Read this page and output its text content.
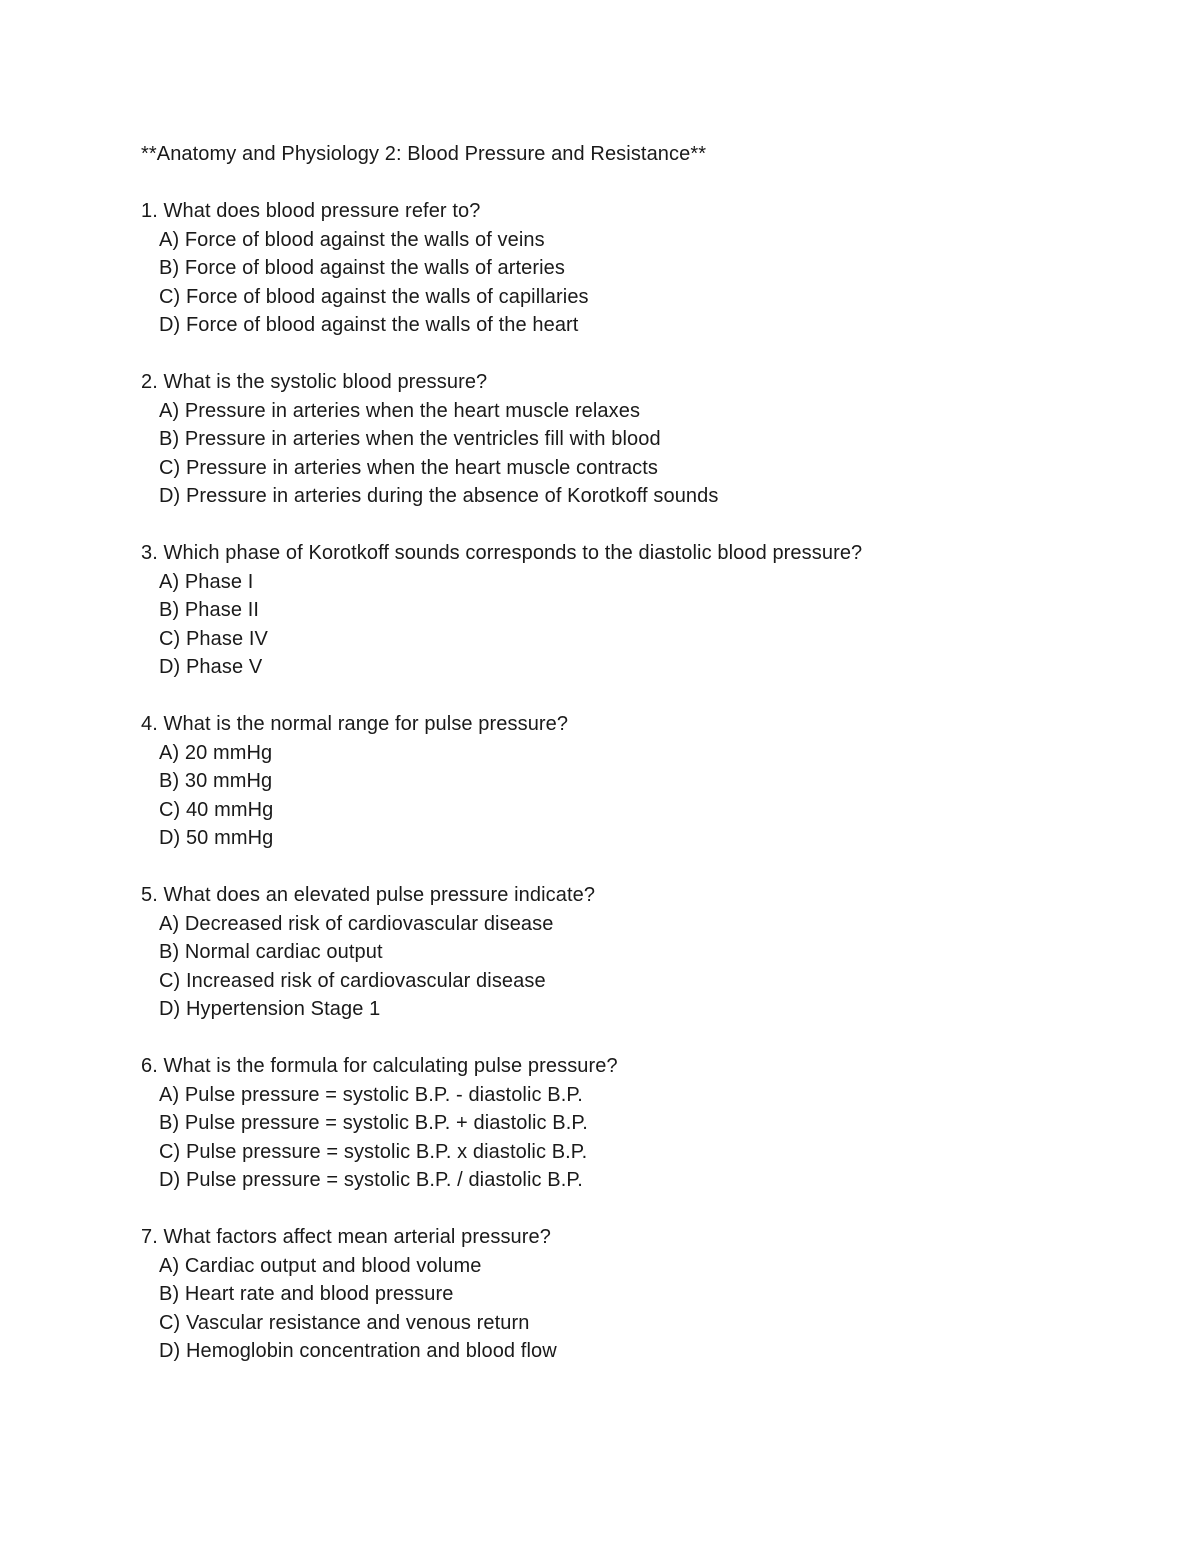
**Anatomy and Physiology 2: Blood Pressure and Resistance**
1. What does blood pressure refer to?
A) Force of blood against the walls of veins
B) Force of blood against the walls of arteries
C) Force of blood against the walls of capillaries
D) Force of blood against the walls of the heart
2. What is the systolic blood pressure?
A) Pressure in arteries when the heart muscle relaxes
B) Pressure in arteries when the ventricles fill with blood
C) Pressure in arteries when the heart muscle contracts
D) Pressure in arteries during the absence of Korotkoff sounds
3. Which phase of Korotkoff sounds corresponds to the diastolic blood pressure?
A) Phase I
B) Phase II
C) Phase IV
D) Phase V
4. What is the normal range for pulse pressure?
A) 20 mmHg
B) 30 mmHg
C) 40 mmHg
D) 50 mmHg
5. What does an elevated pulse pressure indicate?
A) Decreased risk of cardiovascular disease
B) Normal cardiac output
C) Increased risk of cardiovascular disease
D) Hypertension Stage 1
6. What is the formula for calculating pulse pressure?
A) Pulse pressure = systolic B.P. - diastolic B.P.
B) Pulse pressure = systolic B.P. + diastolic B.P.
C) Pulse pressure = systolic B.P. x diastolic B.P.
D) Pulse pressure = systolic B.P. / diastolic B.P.
7. What factors affect mean arterial pressure?
A) Cardiac output and blood volume
B) Heart rate and blood pressure
C) Vascular resistance and venous return
D) Hemoglobin concentration and blood flow
